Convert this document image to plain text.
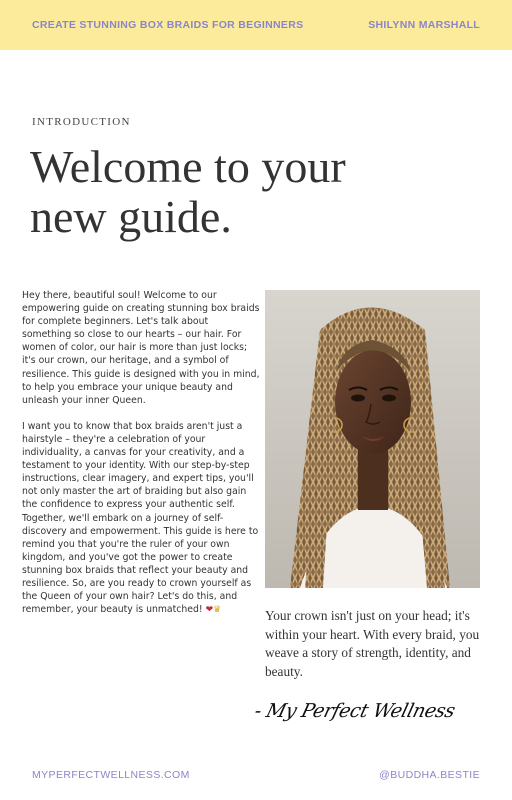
CREATE STUNNING BOX BRAIDS FOR BEGINNERS	SHILYNN MARSHALL
INTRODUCTION
Welcome to your
new guide.

Hey there, beautiful soul! Welcome to our empowering guide on creating stunning box braids for complete beginners. Let's talk about something so close to our hearts – our hair. For women of color, our hair is more than just locks; it's our crown, our heritage, and a symbol of resilience. This guide is designed with you in mind, to help you embrace your unique beauty and unleash your inner Queen.

I want you to know that box braids aren't just a hairstyle – they're a celebration of your individuality, a canvas for your creativity, and a testament to your identity. With our step-by-step instructions, clear imagery, and expert tips, you'll not only master the art of braiding but also gain the confidence to express your authentic self. Together, we'll embark on a journey of self-discovery and empowerment. This guide is here to remind you that you're the ruler of your own kingdom, and you've got the power to create stunning box braids that reflect your beauty and resilience. So, are you ready to crown yourself as the Queen of your own hair? Let's do this, and remember, your beauty is unmatched! ❤♛	Your crown isn't just on your head; it's within your heart. With every braid, you weave a story of strength, identity, and beauty.
- My Perfect Wellness
MYPERFECTWELLNESS.COM	@BUDDHA.BESTIE
